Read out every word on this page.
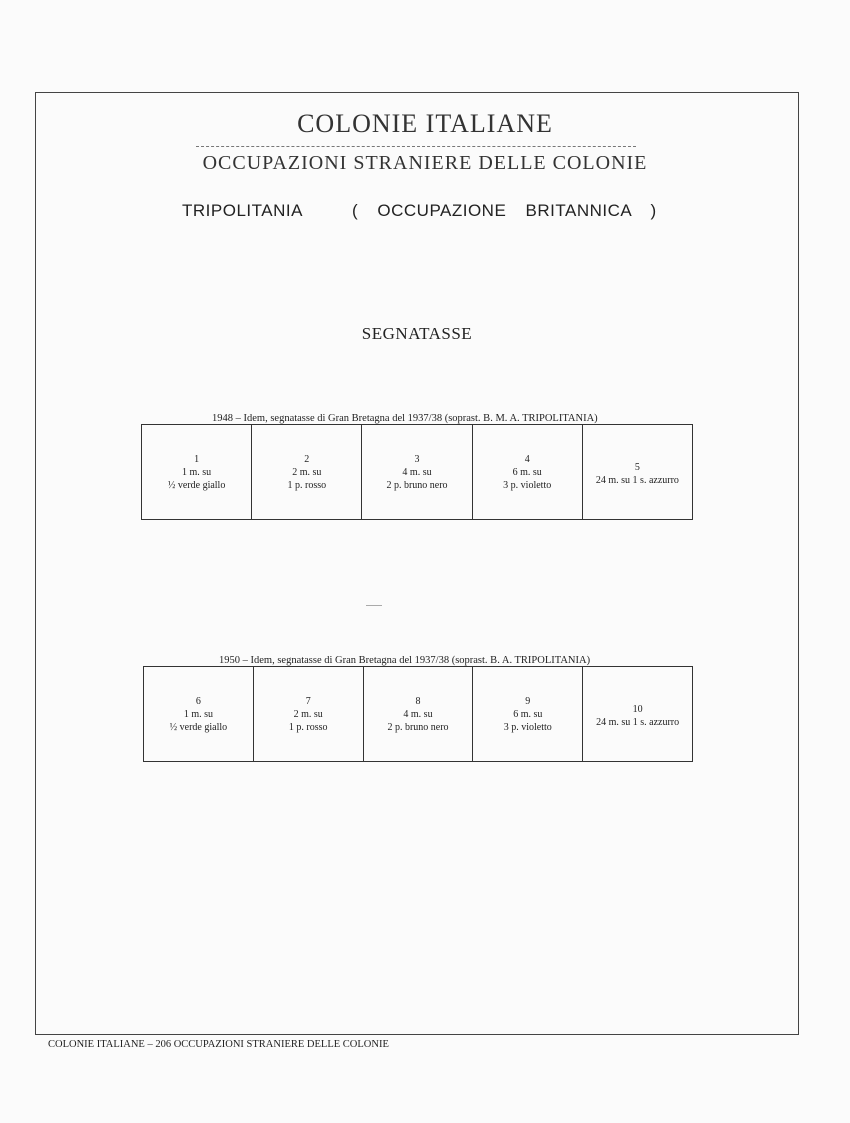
COLONIE ITALIANE
OCCUPAZIONI STRANIERE DELLE COLONIE
TRIPOLITANIA	( OCCUPAZIONE BRITANNICA )
SEGNATASSE
1948 – Idem, segnatasse di Gran Bretagna del 1937/38 (soprast. B. M. A. TRIPOLITANIA)
1
1 m. su
½ verde giallo
2
2 m. su
1 p. rosso
3
4 m. su
2 p. bruno nero
4
6 m. su
3 p. violetto
5
24 m. su 1 s. azzurro
1950 – Idem, segnatasse di Gran Bretagna del 1937/38 (soprast. B. A. TRIPOLITANIA)
6
1 m. su
½ verde giallo
7
2 m. su
1 p. rosso
8
4 m. su
2 p. bruno nero
9
6 m. su
3 p. violetto
10
24 m. su 1 s. azzurro
COLONIE ITALIANE – 206 OCCUPAZIONI STRANIERE DELLE COLONIE
